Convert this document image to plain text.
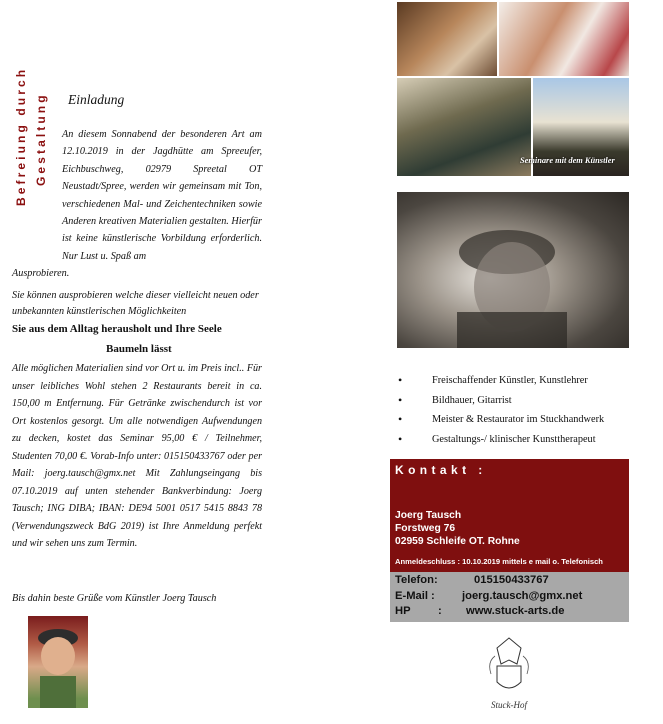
Befreiung durch Gestaltung Einladung
An diesem Sonnabend der besonderen Art am 12.10.2019 in der Jagdhütte am Spreeufer, Eichbuschweg, 02979 Spreetal OT Neustadt/Spree, werden wir gemeinsam mit Ton, verschiedenen Mal- und Zeichentechniken sowie Anderen kreativen Materialien gestalten. Hierfür ist keine künstlerische Vorbildung erforderlich. Nur Lust u. Spaß am
Ausprobieren.
Sie können ausprobieren welche dieser vielleicht neuen oder unbekannten künstlerischen Möglichkeiten
Sie aus dem Alltag herausholt und Ihre Seele
Baumeln lässt
Alle möglichen Materialien sind vor Ort u. im Preis incl.. Für unser leibliches Wohl stehen 2 Restaurants bereit in ca. 150,00 m Entfernung. Für Getränke zwischendurch ist vor Ort kostenlos gesorgt. Um alle notwendigen Aufwendungen zu decken, kostet das Seminar 95,00 € / Teilnehmer, Studenten 70,00 €. Vorab-Info unter: 015150433767 oder per Mail: joerg.tausch@gmx.net Mit Zahlungseingang bis 07.10.2019 auf unten stehender Bankverbindung: Joerg Tausch; ING DIBA; IBAN: DE94 5001 0517 5415 8843 78 (Verwendungszweck BdG 2019) ist Ihre Anmeldung perfekt und wir sehen uns zum Termin.
Bis dahin beste Grüße vom Künstler Joerg Tausch
Seminare mit dem Künstler
• Freischaffender Künstler, Kunstlehrer
• Bildhauer, Gitarrist
• Meister & Restaurator im Stuckhandwerk
• Gestaltungs-/ klinischer Kunsttherapeut
Kontakt :
Joerg Tausch
Forstweg 76
02959 Schleife OT. Rohne
Anmeldeschluss : 10.10.2019 mittels e mail o. Telefonisch
Telefon:	015150433767
E-Mail : joerg.tausch@gmx.net
HP : www.stuck-arts.de
Stuck-Hof
